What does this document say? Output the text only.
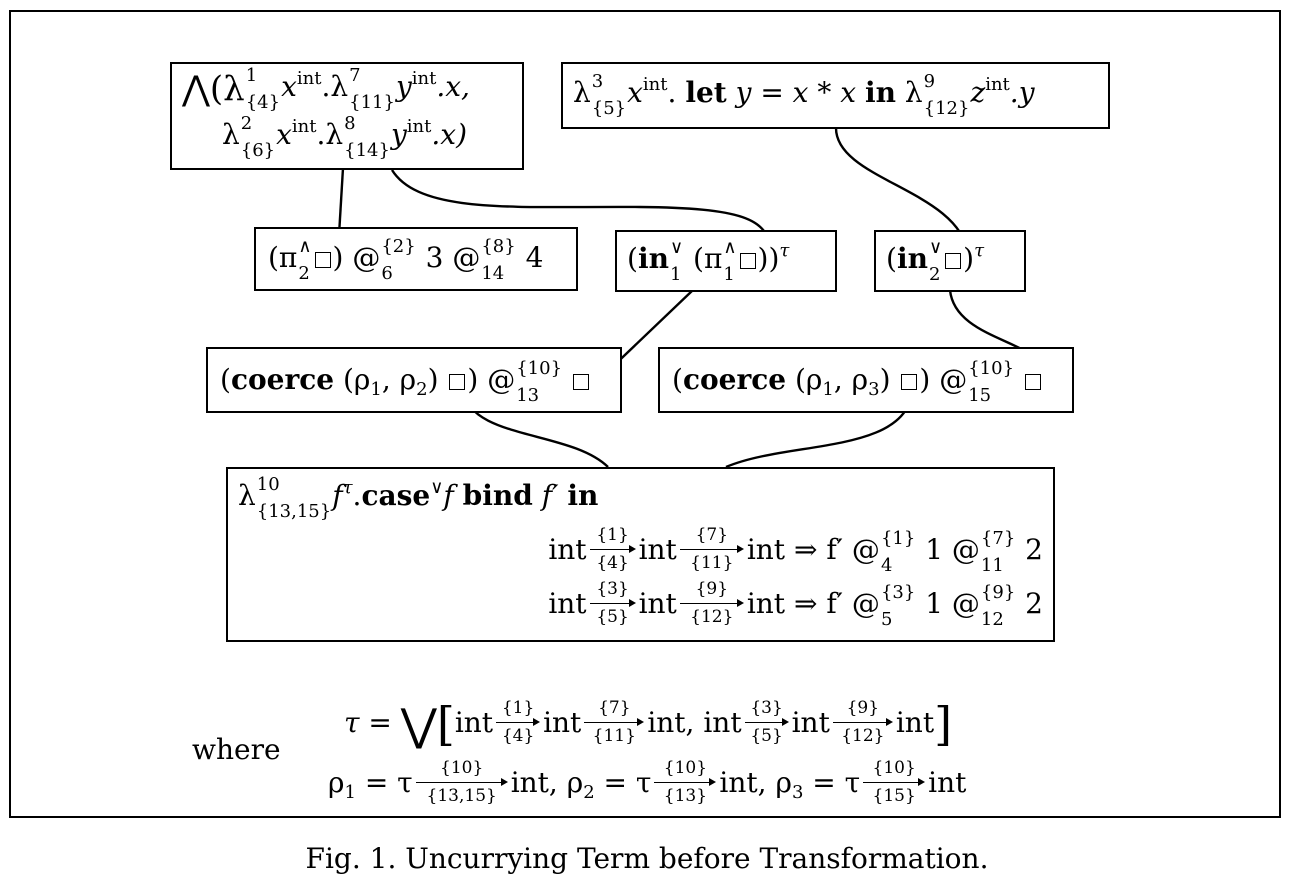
⋀(λ 1
{4} $x^{int}.\lambda$ 7
{11} $y^{int}.x$,
λ 2
{6} $x^{int}.\lambda$ 8
{14} $y^{int}.x$)
λ 3
{5} $x^{int}$. let y = x * x in λ 9
{12} $z^{int}.y$
(π ∧
2 ) @ {2}
6 3 @ {8}
14 4	(in ∨
1 (π ∧
1 ))$^\tau$	(in ∨
2 )$^\tau$
(coerce ($\rho_1$, $\rho_2$) ) @ {10}
13	(coerce ($\rho_1$, $\rho_3$) ) @ {10}
15
λ 10
{13,15} $f^\tau.case^\vee f$ bind f′ in
int {1}
{4} int	{7}
{11} int ⇒ f′ @ {1}
4 1 @ {7}
11 2
int {3}
{5} int	{9}
{12} int ⇒ f′ @ {3}
5 1 @ {9}
12 2
where
τ = ⋁[int {1}
{4} int {7}
{11} int, int {3}
{5} int {9}
{12} int]
$\rho_1 = \tau$	{10}
{13,15} int, $\rho_2 = \tau$ {10}
{13} int, $\rho_3 = \tau$ {10}
{15} int
Fig. 1. Uncurrying Term before Transformation.
